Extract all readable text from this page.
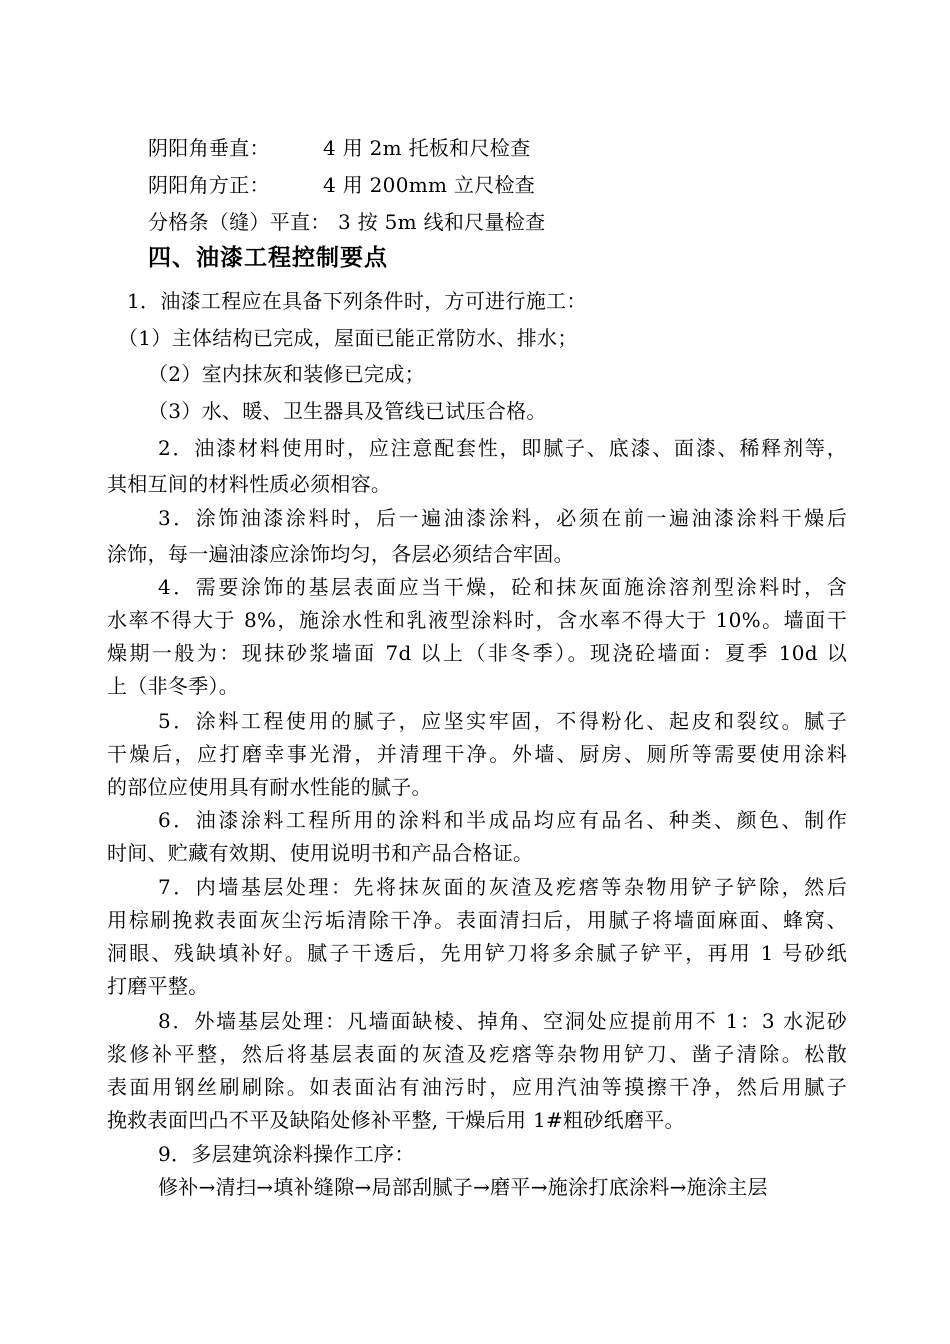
阴阳角垂直：	4 用 2m 托板和尺检查
阴阳角方正：	4 用 200mm 立尺检查
分格条（缝）平直： 3 按 5m 线和尺量检查
四、油漆工程控制要点
1．油漆工程应在具备下列条件时，方可进行施工：
（1）主体结构已完成，屋面已能正常防水、排水；
（2）室内抹灰和装修已完成；
（3）水、暖、卫生器具及管线已试压合格。
2．油漆材料使用时，应注意配套性，即腻子、底漆、面漆、稀释剂等，
其相互间的材料性质必须相容。
3．涂饰油漆涂料时，后一遍油漆涂料，必须在前一遍油漆涂料干燥后
涂饰，每一遍油漆应涂饰均匀，各层必须结合牢固。
4．需要涂饰的基层表面应当干燥，砼和抹灰面施涂溶剂型涂料时，含
水率不得大于 8%，施涂水性和乳液型涂料时，含水率不得大于 10%。墙面干
燥期一般为：现抹砂浆墙面 7d 以上（非冬季）。现浇砼墙面：夏季 10d 以
上（非冬季）。
5．涂料工程使用的腻子，应坚实牢固，不得粉化、起皮和裂纹。腻子
干燥后，应打磨幸事光滑，并清理干净。外墙、厨房、厕所等需要使用涂料
的部位应使用具有耐水性能的腻子。
6．油漆涂料工程所用的涂料和半成品均应有品名、种类、颜色、制作
时间、贮藏有效期、使用说明书和产品合格证。
7．内墙基层处理：先将抹灰面的灰渣及疙瘩等杂物用铲子铲除，然后
用棕刷挽救表面灰尘污垢清除干净。表面清扫后，用腻子将墙面麻面、蜂窝、
洞眼、残缺填补好。腻子干透后，先用铲刀将多余腻子铲平，再用 1 号砂纸
打磨平整。
8．外墙基层处理：凡墙面缺棱、掉角、空洞处应提前用不 1：3 水泥砂
浆修补平整，然后将基层表面的灰渣及疙瘩等杂物用铲刀、凿子清除。松散
表面用钢丝刷刷除。如表面沾有油污时，应用汽油等摸擦干净，然后用腻子
挽救表面凹凸不平及缺陷处修补平整, 干燥后用 1#粗砂纸磨平。
9．多层建筑涂料操作工序：
修补→清扫→填补缝隙→局部刮腻子→磨平→施涂打底涂料→施涂主层
